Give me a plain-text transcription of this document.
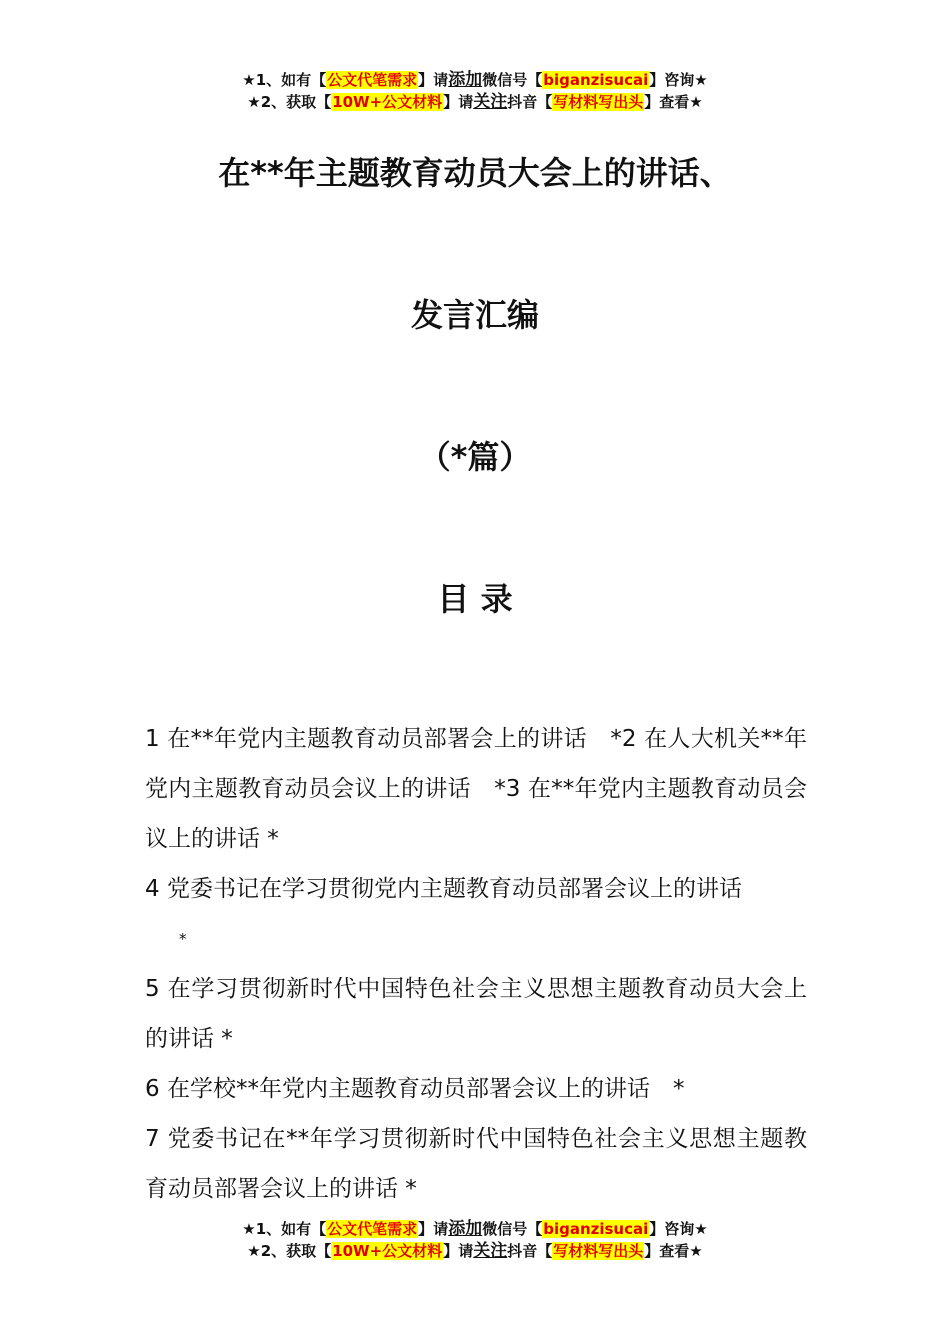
★1、如有【公文代笔需求】请添加微信号【biganzisucai】咨询★
★2、获取【10W+公文材料】请关注抖音【写材料写出头】查看★
在**年主题教育动员大会上的讲话、
发言汇编
（*篇）
目 录

1 在**年党内主题教育动员部署会上的讲话　*2 在人大机关**年党内主题教育动员会议上的讲话　*3 在**年党内主题教育动员会议上的讲话 *

4 党委书记在学习贯彻党内主题教育动员部署会议上的讲话

*

5 在学习贯彻新时代中国特色社会主义思想主题教育动员大会上的讲话 *

6 在学校**年党内主题教育动员部署会议上的讲话　*

7 党委书记在**年学习贯彻新时代中国特色社会主义思想主题教育动员部署会议上的讲话 *

★1、如有【公文代笔需求】请添加微信号【biganzisucai】咨询★
★2、获取【10W+公文材料】请关注抖音【写材料写出头】查看★
